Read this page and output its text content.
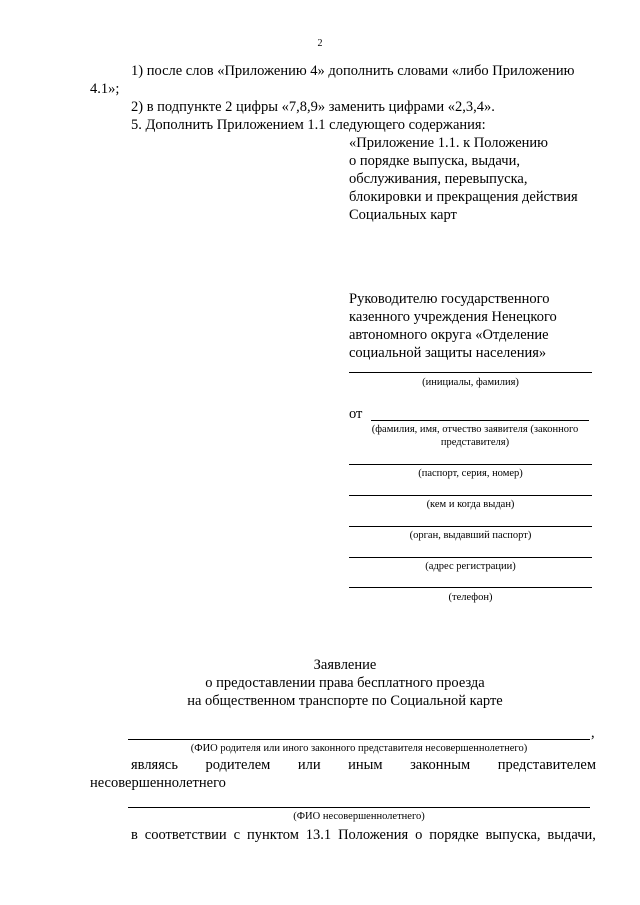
2
1) после слов «Приложению 4» дополнить словами «либо Приложению
4.1»;
2) в подпункте 2 цифры «7,8,9» заменить цифрами «2,3,4».
5. Дополнить Приложением 1.1 следующего содержания:
«Приложение 1.1. к Положению
о порядке выпуска, выдачи,
обслуживания, перевыпуска,
блокировки и прекращения действия
Социальных карт
Руководителю государственного
казенного учреждения Ненецкого
автономного округа «Отделение
социальной защиты населения»
(инициалы, фамилия)
от
(фамилия, имя, отчество заявителя (законного представителя)
(паспорт, серия, номер)
(кем и когда выдан)
(орган, выдавший паспорт)
(адрес регистрации)
(телефон)
Заявление
о предоставлении права бесплатного проезда
на общественном транспорте по Социальной карте
,
(ФИО родителя или иного законного представителя несовершеннолетнего)
являясь родителем или иным законным представителем
несовершеннолетнего
(ФИО несовершеннолетнего)
в соответствии с пунктом 13.1 Положения о порядке выпуска, выдачи,
